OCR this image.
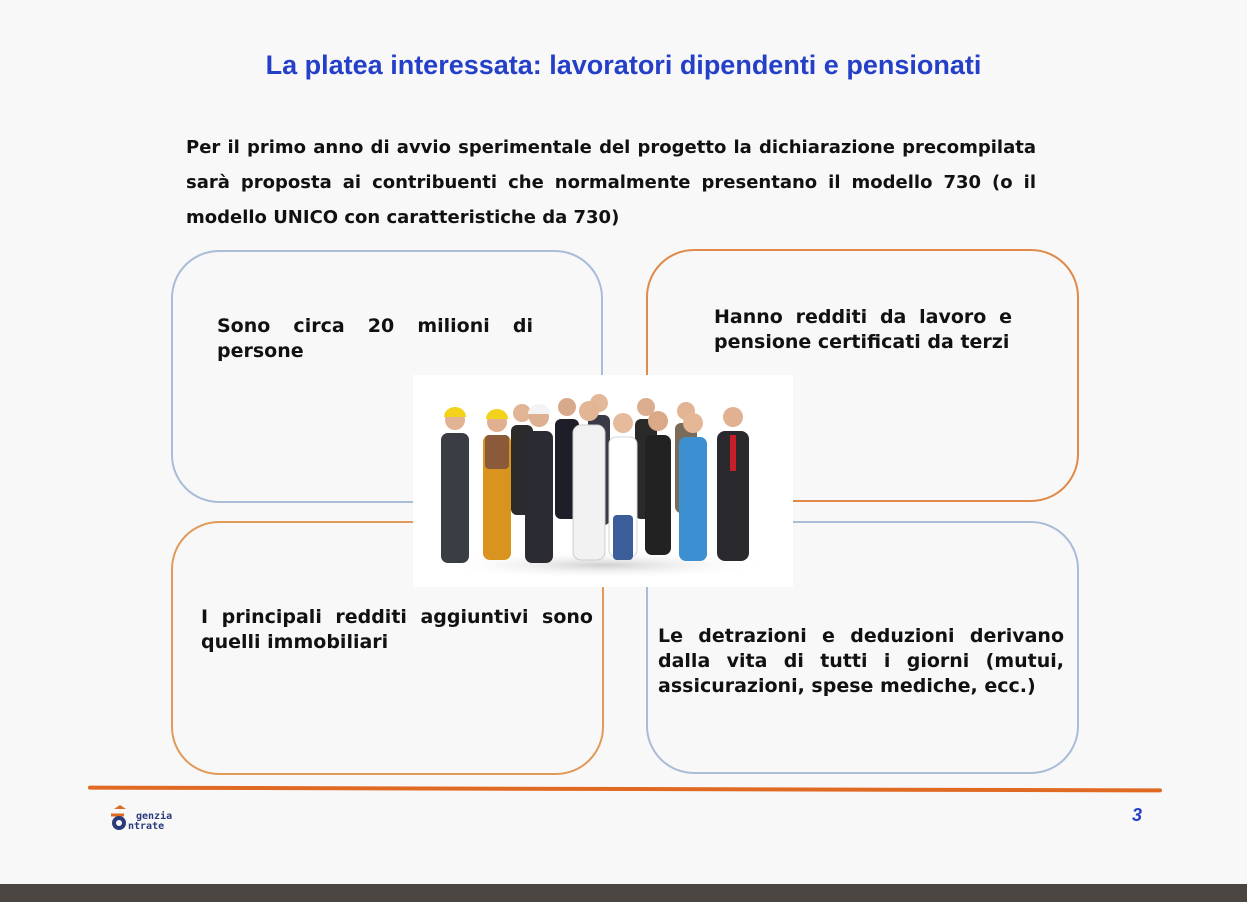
La platea interessata: lavoratori dipendenti e pensionati

Per il primo anno di avvio sperimentale del progetto la dichiarazione precompilata sarà proposta ai contribuenti che normalmente presentano il modello 730 (o il modello UNICO con caratteristiche da 730)

Sono circa 20 milioni di persone

Hanno redditi da lavoro e pensione certificati da terzi

I principali redditi aggiuntivi sono quelli immobiliari	Le detrazioni e deduzioni derivano dalla vita di tutti i giorni (mutui, assicurazioni, spese mediche, ecc.)

genzia
ntrate
3
